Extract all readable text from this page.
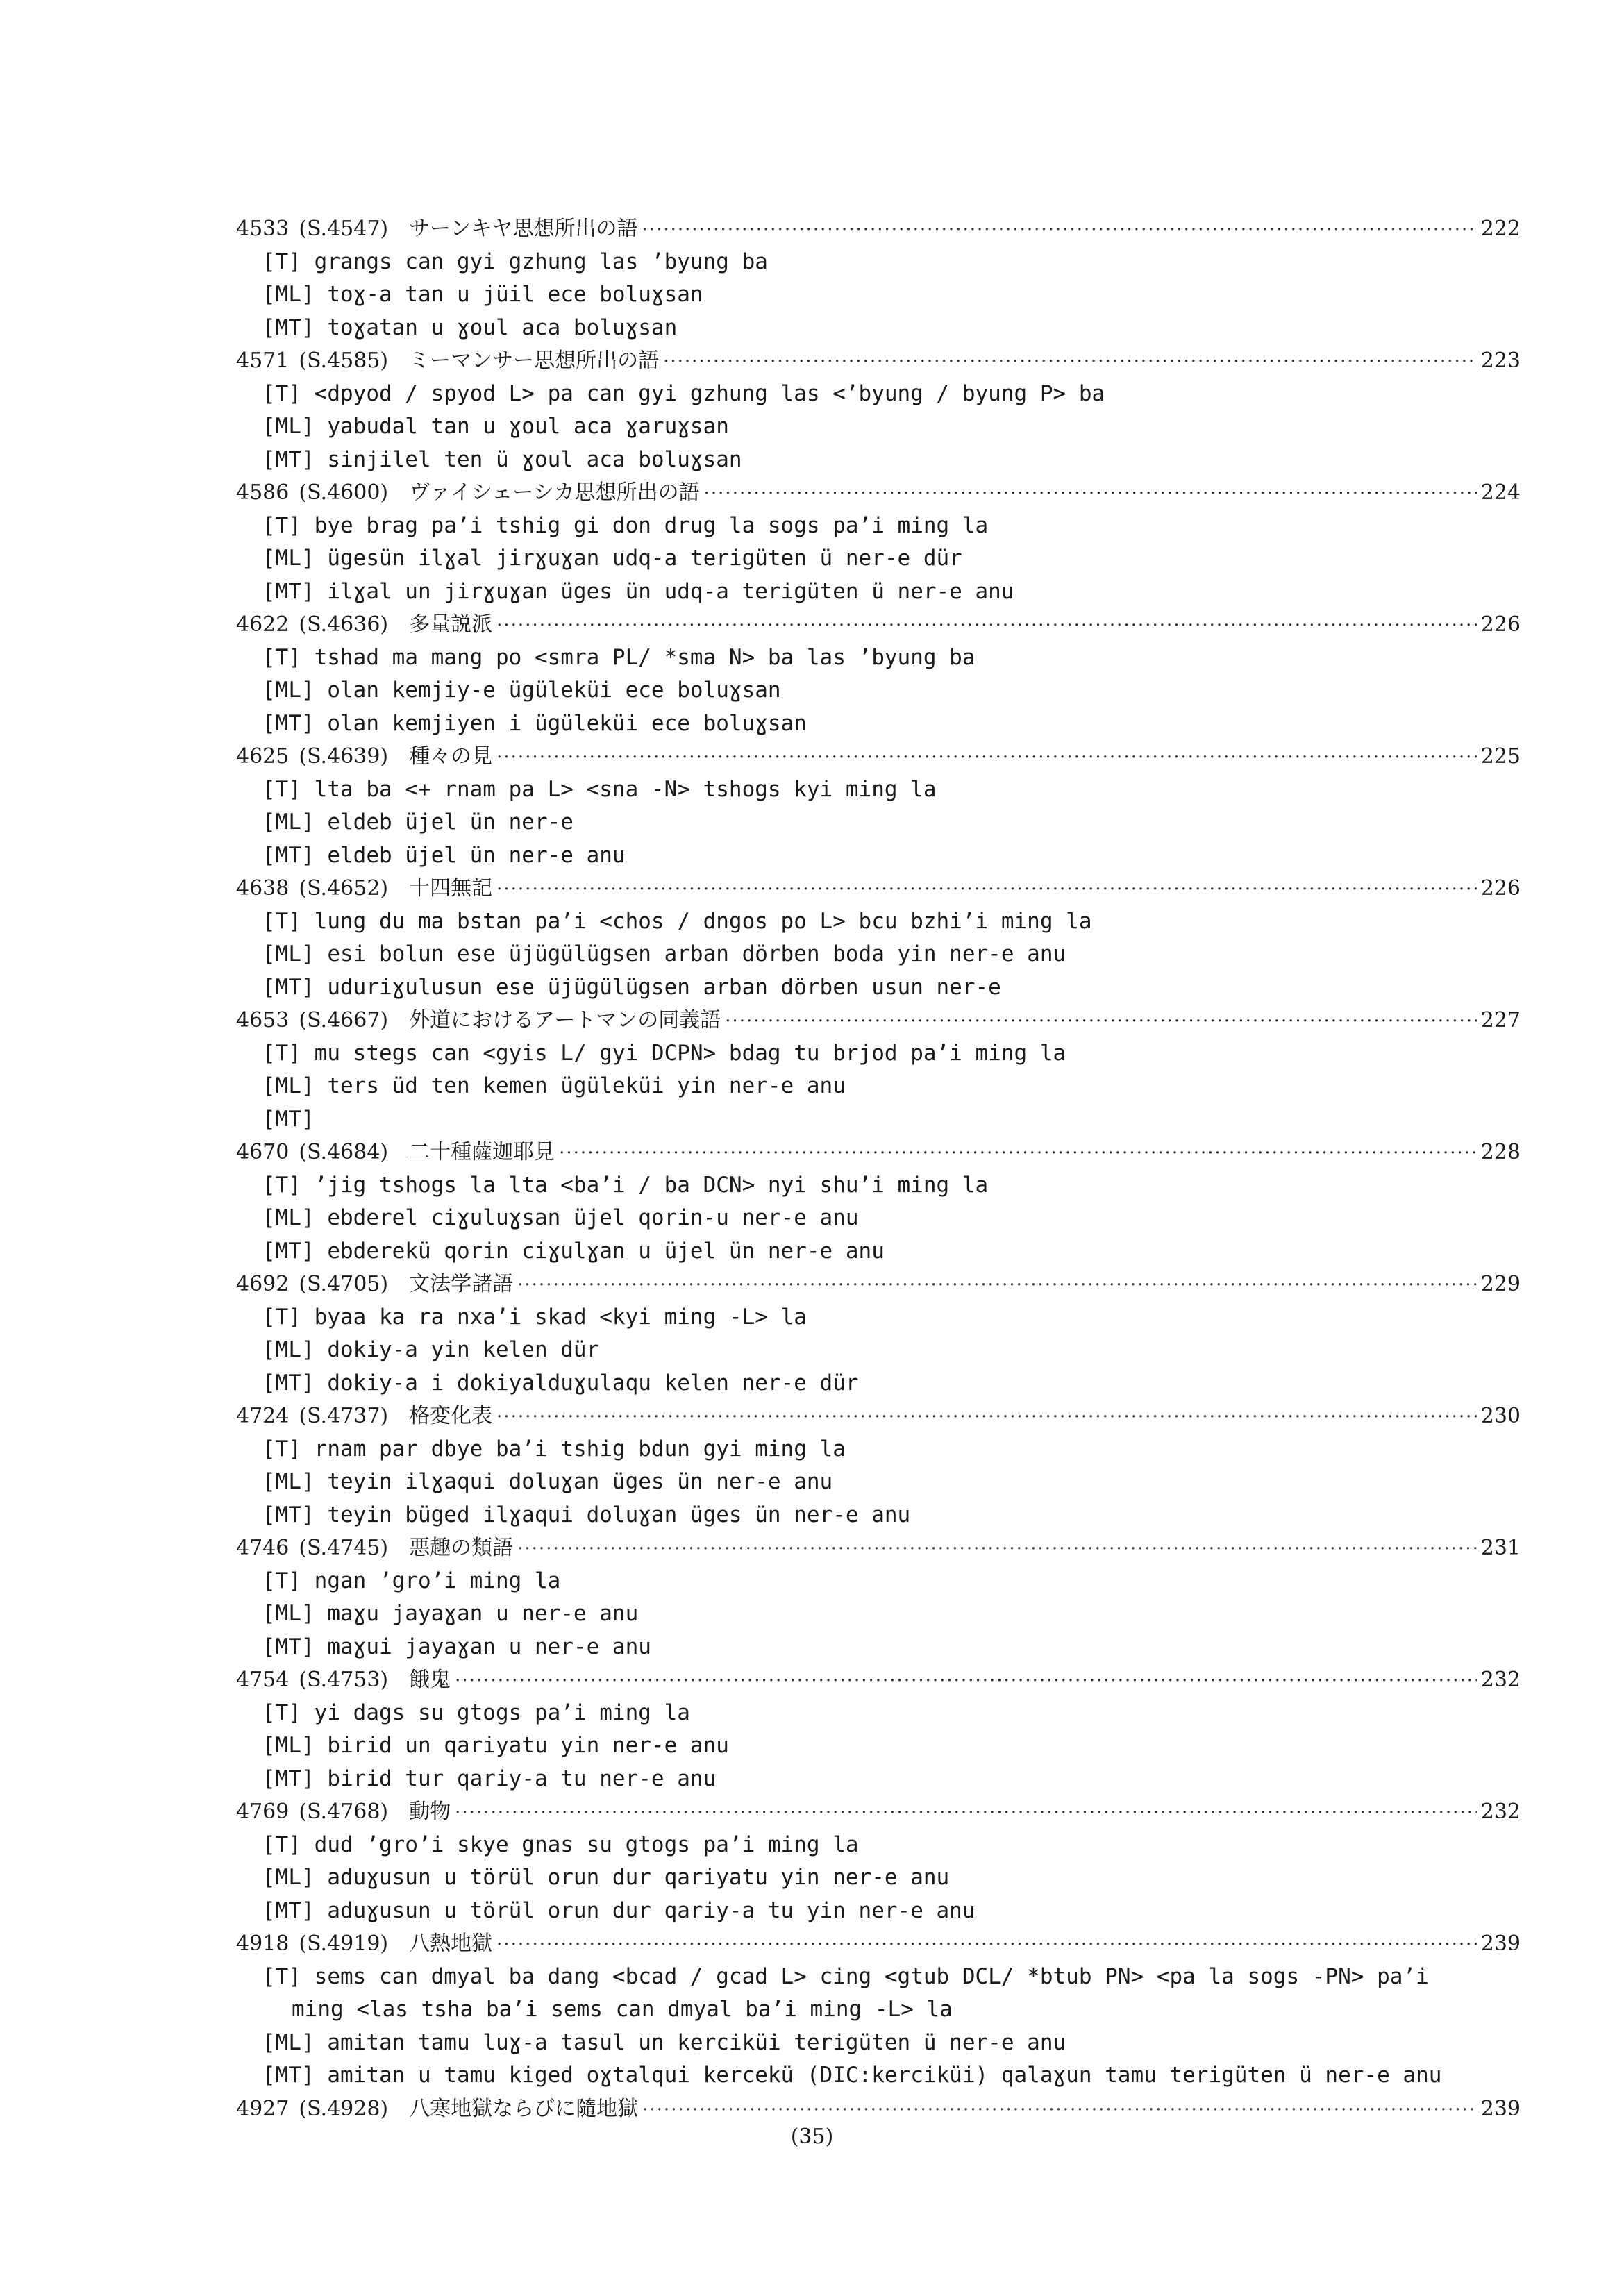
4533 (S.4547) サーンキヤ思想所出の語 ·····	222
[T] grangs can gyi gzhung las ’byung ba
[ML] toɣ-a tan u jüil ece boluɣsan
[MT] toɣatan u ɣoul aca boluɣsan
4571 (S.4585) ミーマンサー思想所出の語 ·····	223
[T] <dpyod / spyod L> pa can gyi gzhung las <’byung / byung P> ba
[ML] yabudal tan u ɣoul aca ɣaruɣsan
[MT] sinjilel ten ü ɣoul aca boluɣsan
4586 (S.4600) ヴァイシェーシカ思想所出の語 ·····	224
[T] bye brag pa’i tshig gi don drug la sogs pa’i ming la
[ML] ügesün ilɣal jirɣuɣan udq-a terigüten ü ner-e dür
[MT] ilɣal un jirɣuɣan üges ün udq-a terigüten ü ner-e anu
4622 (S.4636) 多量説派 ·····	226
[T] tshad ma mang po <smra PL/ *sma N> ba las ’byung ba
[ML] olan kemjiy-e ügüleküi ece boluɣsan
[MT] olan kemjiyen i ügüleküi ece boluɣsan
4625 (S.4639) 種々の見 ·····	225
[T] lta ba <+ rnam pa L> <sna -N> tshogs kyi ming la
[ML] eldeb üjel ün ner-e
[MT] eldeb üjel ün ner-e anu
4638 (S.4652) 十四無記 ·····	226
[T] lung du ma bstan pa’i <chos / dngos po L> bcu bzhi’i ming la
[ML] esi bolun ese üjügülügsen arban dörben boda yin ner-e anu
[MT] uduriɣulusun ese üjügülügsen arban dörben usun ner-e
4653 (S.4667) 外道におけるアートマンの同義語 ·····	227
[T] mu stegs can <gyis L/ gyi DCPN> bdag tu brjod pa’i ming la
[ML] ters üd ten kemen ügüleküi yin ner-e anu
[MT]
4670 (S.4684) 二十種薩迦耶見 ·····	228
[T] ’jig tshogs la lta <ba’i / ba DCN> nyi shu’i ming la
[ML] ebderel ciɣuluɣsan üjel qorin-u ner-e anu
[MT] ebderekü qorin ciɣulɣan u üjel ün ner-e anu
4692 (S.4705) 文法学諸語 ·····	229
[T] byaa ka ra nxa’i skad <kyi ming -L> la
[ML] dokiy-a yin kelen dür
[MT] dokiy-a i dokiyalduɣulaqu kelen ner-e dür
4724 (S.4737) 格変化表 ·····	230
[T] rnam par dbye ba’i tshig bdun gyi ming la
[ML] teyin ilɣaqui doluɣan üges ün ner-e anu
[MT] teyin büged ilɣaqui doluɣan üges ün ner-e anu
4746 (S.4745) 悪趣の類語 ·····	231
[T] ngan ’gro’i ming la
[ML] maɣu jayaɣan u ner-e anu
[MT] maɣui jayaɣan u ner-e anu
4754 (S.4753) 餓鬼 ·····	232
[T] yi dags su gtogs pa’i ming la
[ML] birid un qariyatu yin ner-e anu
[MT] birid tur qariy-a tu ner-e anu
4769 (S.4768) 動物 ·····	232
[T] dud ’gro’i skye gnas su gtogs pa’i ming la
[ML] aduɣusun u törül orun dur qariyatu yin ner-e anu
[MT] aduɣusun u törül orun dur qariy-a tu yin ner-e anu
4918 (S.4919) 八熱地獄 ·····	239
[T] sems can dmyal ba dang <bcad / gcad L> cing <gtub DCL/ *btub PN> <pa la sogs -PN> pa’i
ming <las tsha ba’i sems can dmyal ba’i ming -L> la
[ML] amitan tamu luɣ-a tasul un kerciküi terigüten ü ner-e anu
[MT] amitan u tamu kiged oɣtalqui kercekü (DIC:kerciküi) qalaɣun tamu terigüten ü ner-e anu
4927 (S.4928) 八寒地獄ならびに隨地獄 ·····	239
(35)
